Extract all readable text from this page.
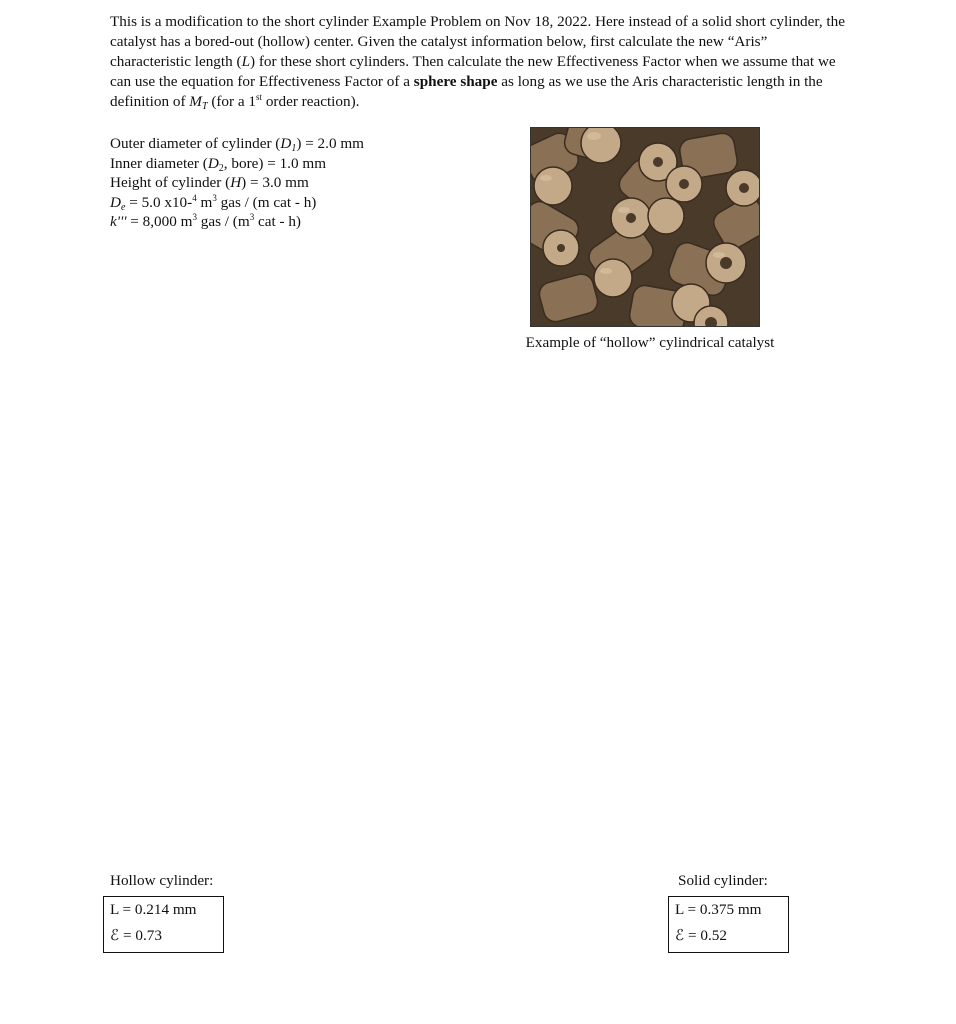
This is a modification to the short cylinder Example Problem on Nov 18, 2022. Here instead of a solid short cylinder, the catalyst has a bored-out (hollow) center. Given the catalyst information below, first calculate the new “Aris” characteristic length (L) for these short cylinders. Then calculate the new Effectiveness Factor when we assume that we can use the equation for Effectiveness Factor of a sphere shape as long as we use the Aris characteristic length in the definition of $M_T$ (for a 1st order reaction).

Outer diameter of cylinder $(D_1) = 2.0$ mm
Inner diameter ($D_2$, bore) = 1.0 mm
Height of cylinder (H) = 3.0 mm
$D_e = 5.0$ x10-$^4$ $m^3$ gas / (m cat - h)
k''' = 8,000 $m^3$ gas / ($m^3$ cat - h)
Example of “hollow” cylindrical catalyst
Hollow cylinder:
L = 0.214 mm
ℰ = 0.73
Solid cylinder:
L = 0.375 mm
ℰ = 0.52
